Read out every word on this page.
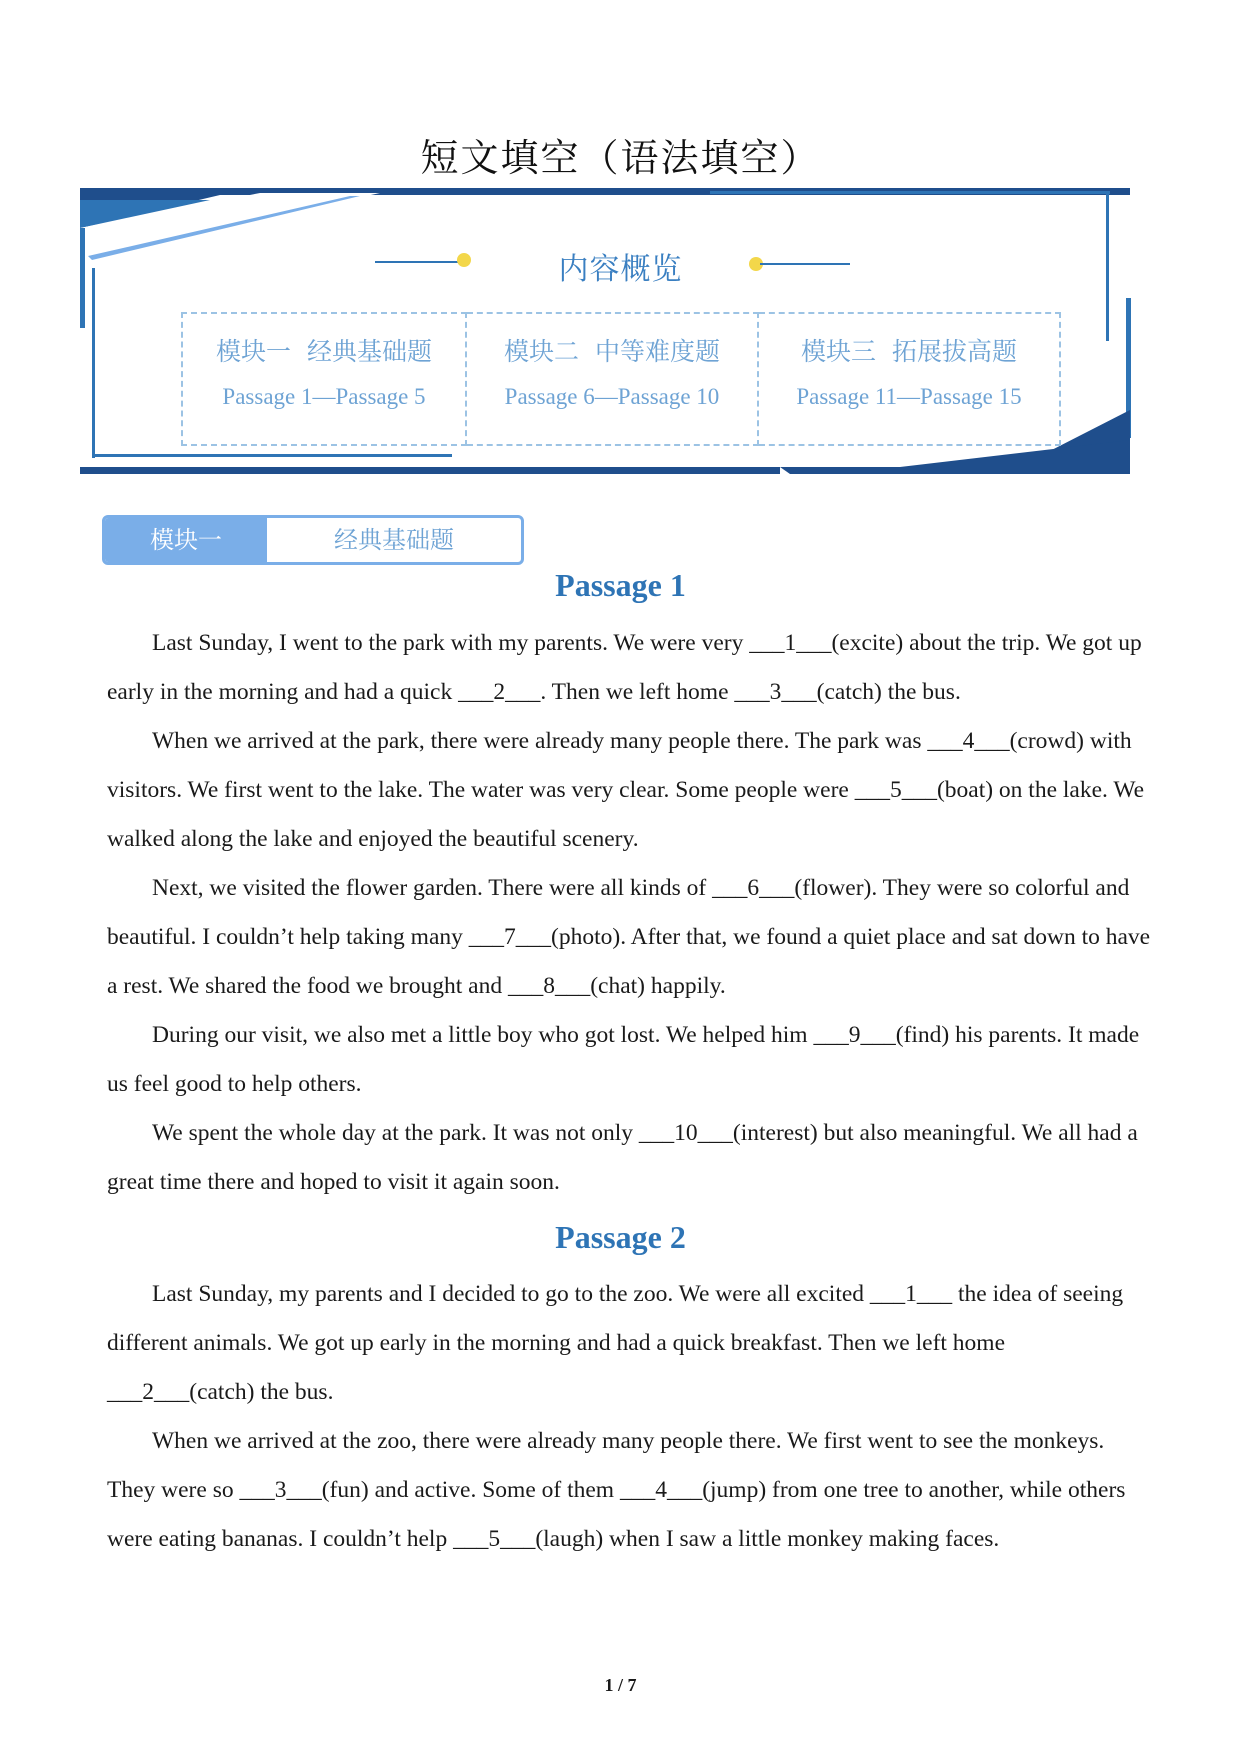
短文填空（语法填空）
内容概览
模块一  经典基础题
Passage 1—Passage 5
模块二  中等难度题
Passage 6—Passage 10
模块三  拓展拔高题
Passage 11—Passage 15
模块一	经典基础题
Passage 1
Last Sunday, I went to the park with my parents. We were very ___1___(excite) about the trip. We got up early in the morning and had a quick ___2___. Then we left home ___3___(catch) the bus.
When we arrived at the park, there were already many people there. The park was ___4___(crowd) with visitors. We first went to the lake. The water was very clear. Some people were ___5___(boat) on the lake. We walked along the lake and enjoyed the beautiful scenery.
Next, we visited the flower garden. There were all kinds of ___6___(flower). They were so colorful and beautiful. I couldn’t help taking many ___7___(photo). After that, we found a quiet place and sat down to have a rest. We shared the food we brought and ___8___(chat) happily.
During our visit, we also met a little boy who got lost. We helped him ___9___(find) his parents. It made us feel good to help others.
We spent the whole day at the park. It was not only ___10___(interest) but also meaningful. We all had a great time there and hoped to visit it again soon.
Passage 2
Last Sunday, my parents and I decided to go to the zoo. We were all excited ___1___ the idea of seeing different animals. We got up early in the morning and had a quick breakfast. Then we left home ___2___(catch) the bus.
When we arrived at the zoo, there were already many people there. We first went to see the monkeys. They were so ___3___(fun) and active. Some of them ___4___(jump) from one tree to another, while others were eating bananas. I couldn’t help ___5___(laugh) when I saw a little monkey making faces.
1 / 7
